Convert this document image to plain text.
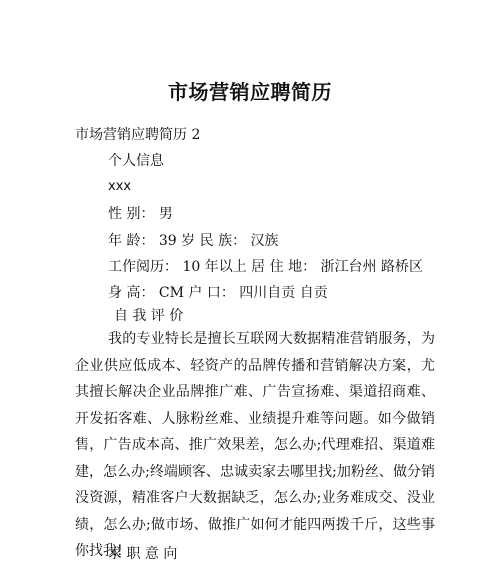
市场营销应聘简历
市场营销应聘简历 2
个人信息
xxx
性 别： 男
年 龄： 39 岁 民 族： 汉族
工作阅历： 10 年以上 居 住 地： 浙江台州 路桥区
身 高： CM 户 口： 四川自贡 自贡
自 我 评 价
我的专业特长是擅长互联网大数据精准营销服务，为企业供应低成本、轻资产的品牌传播和营销解决方案，尤其擅长解决企业品牌推广难、广告宣扬难、渠道招商难、开发拓客难、人脉粉丝难、业绩提升难等问题。如今做销售，广告成本高、推广效果差，怎么办;代理难招、渠道难建，怎么办;终端顾客、忠诚卖家去哪里找;加粉丝、做分销没资源，精准客户大数据缺乏，怎么办;业务难成交、没业绩，怎么办;做市场、做推广如何才能四两拨千斤，这些事你找我!
求 职 意 向
